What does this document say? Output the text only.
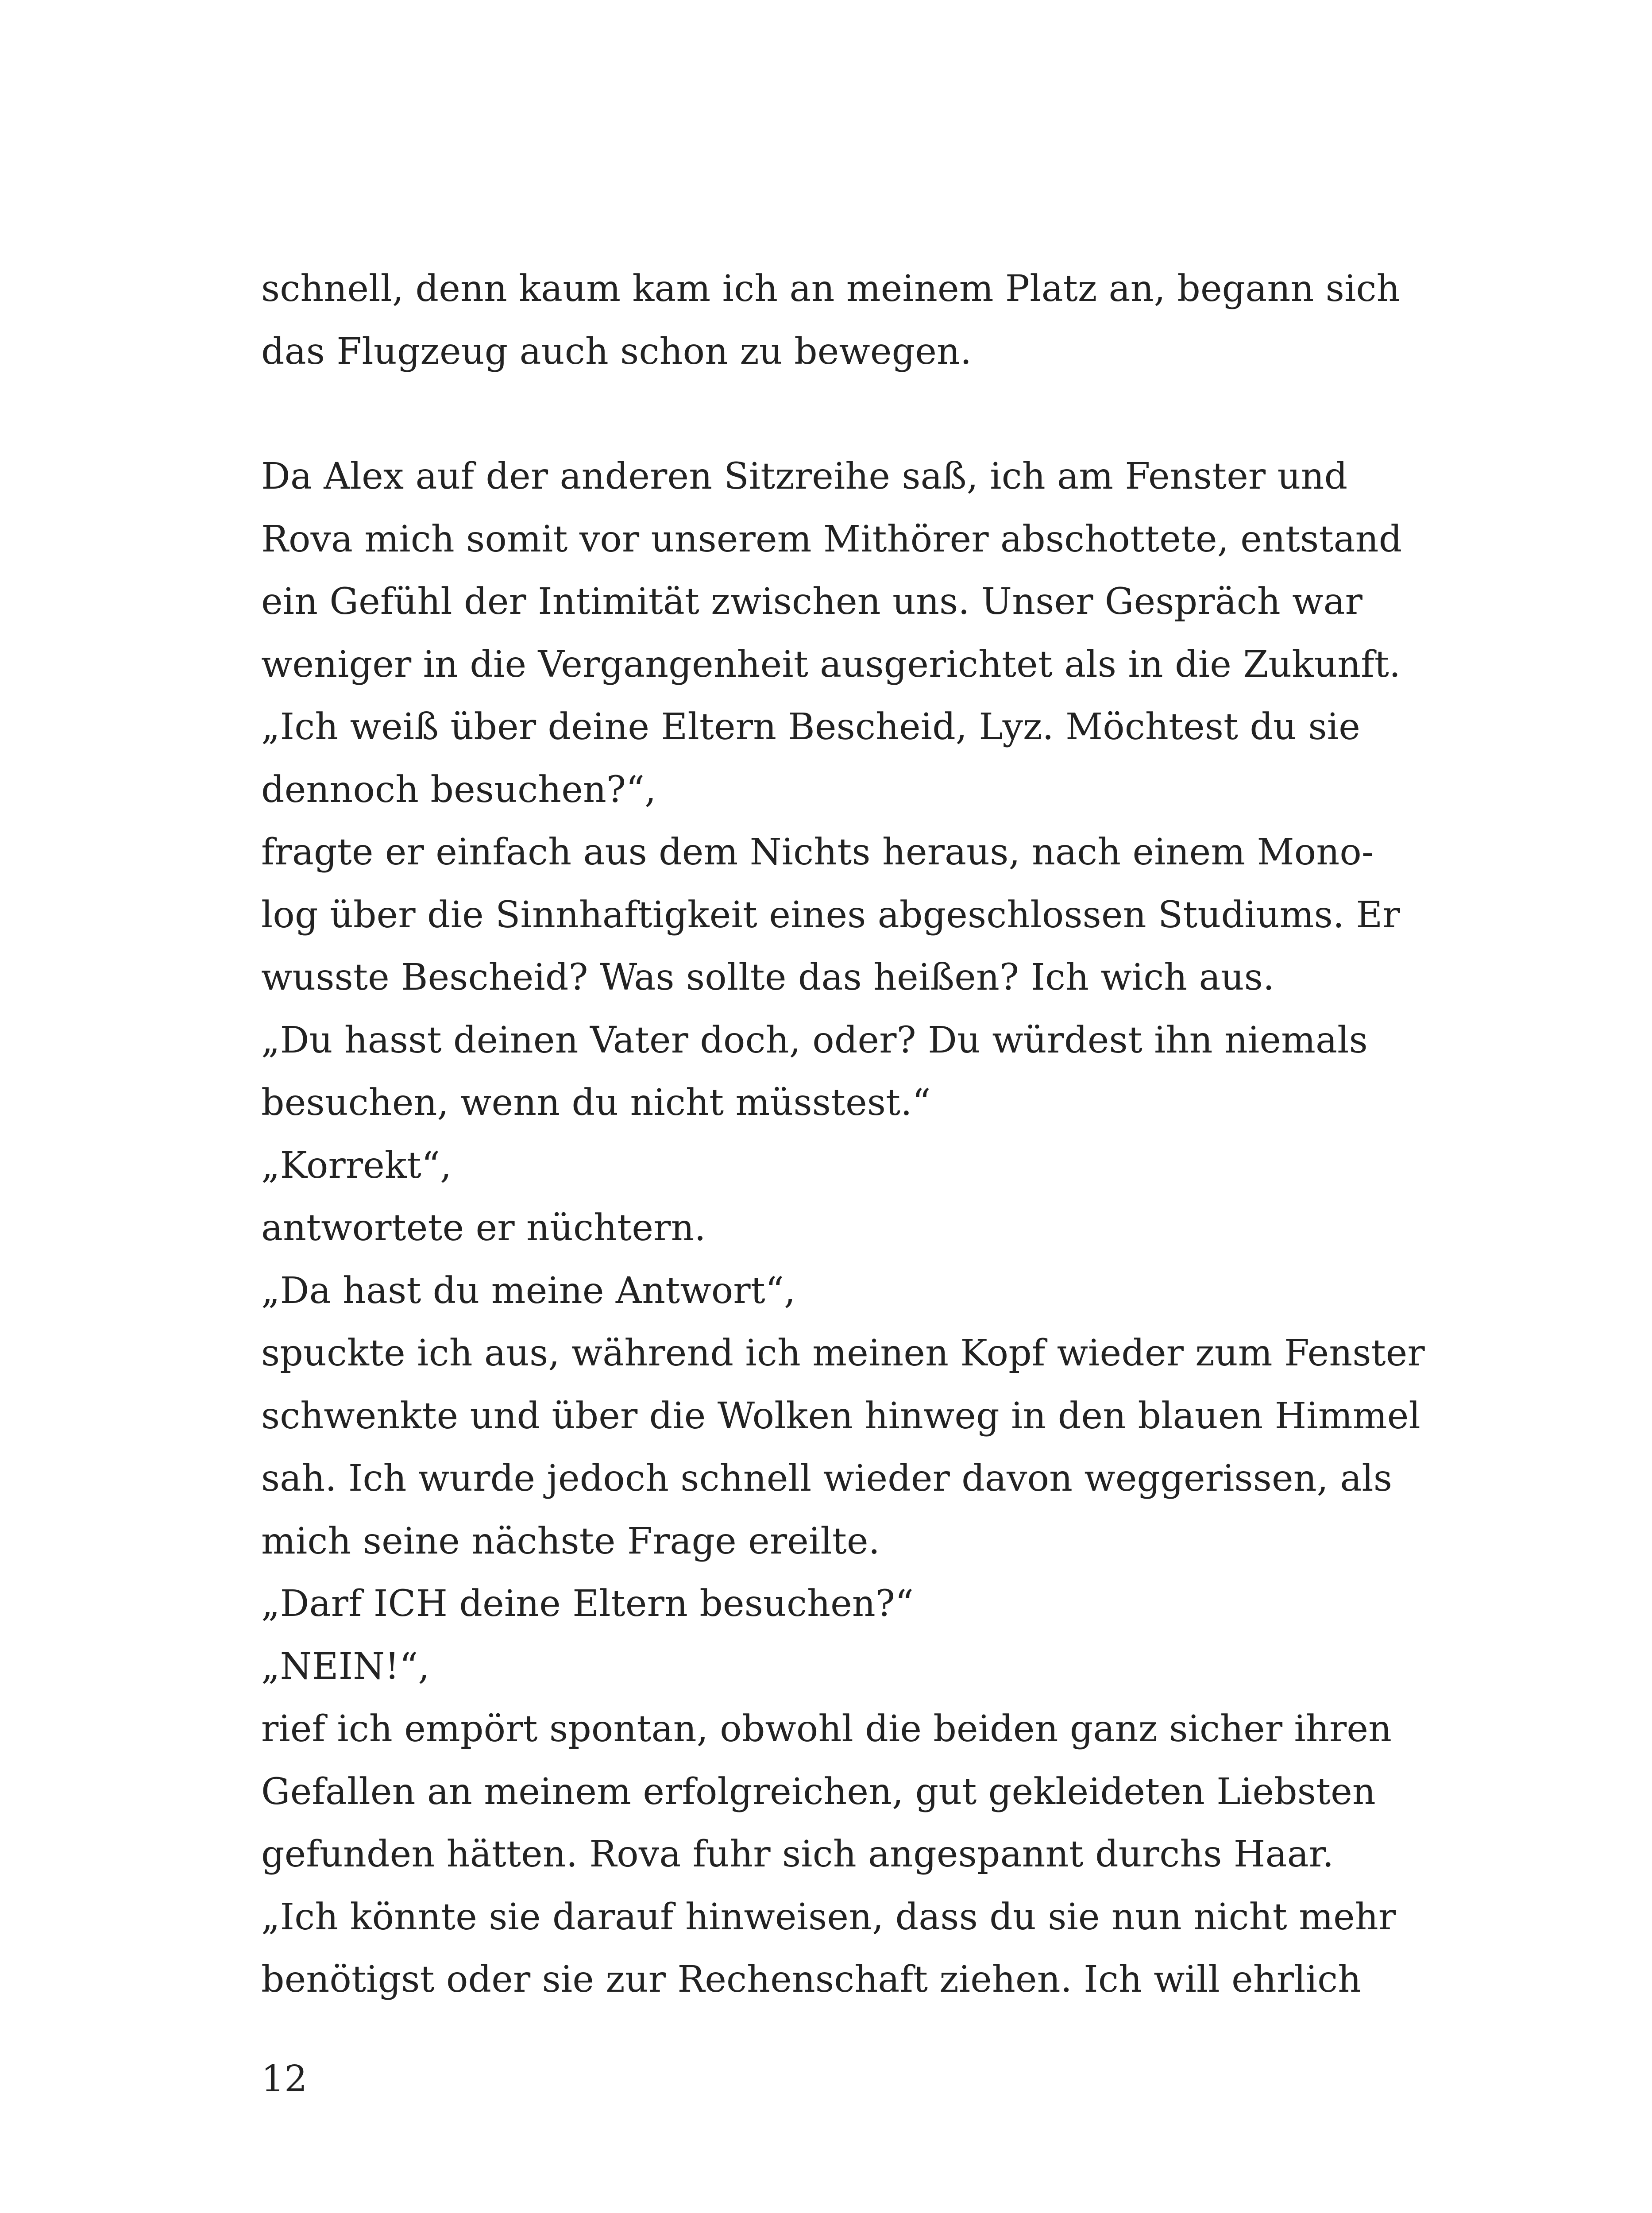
schnell, denn kaum kam ich an meinem Platz an, begann sich
das Flugzeug auch schon zu bewegen.
Da Alex auf der anderen Sitzreihe saß, ich am Fenster und
Rova mich somit vor unserem Mithörer abschottete, entstand
ein Gefühl der Intimität zwischen uns. Unser Gespräch war
weniger in die Vergangenheit ausgerichtet als in die Zukunft.
„Ich weiß über deine Eltern Bescheid, Lyz. Möchtest du sie
dennoch besuchen?“,
fragte er einfach aus dem Nichts heraus, nach einem Mono-
log über die Sinnhaftigkeit eines abgeschlossen Studiums. Er
wusste Bescheid? Was sollte das heißen? Ich wich aus.
„Du hasst deinen Vater doch, oder? Du würdest ihn niemals
besuchen, wenn du nicht müsstest.“
„Korrekt“,
antwortete er nüchtern.
„Da hast du meine Antwort“,
spuckte ich aus, während ich meinen Kopf wieder zum Fenster
schwenkte und über die Wolken hinweg in den blauen Himmel
sah. Ich wurde jedoch schnell wieder davon weggerissen, als
mich seine nächste Frage ereilte.
„Darf ICH deine Eltern besuchen?“
„NEIN!“,
rief ich empört spontan, obwohl die beiden ganz sicher ihren
Gefallen an meinem erfolgreichen, gut gekleideten Liebsten
gefunden hätten. Rova fuhr sich angespannt durchs Haar.
„Ich könnte sie darauf hinweisen, dass du sie nun nicht mehr
benötigst oder sie zur Rechenschaft ziehen. Ich will ehrlich
12
